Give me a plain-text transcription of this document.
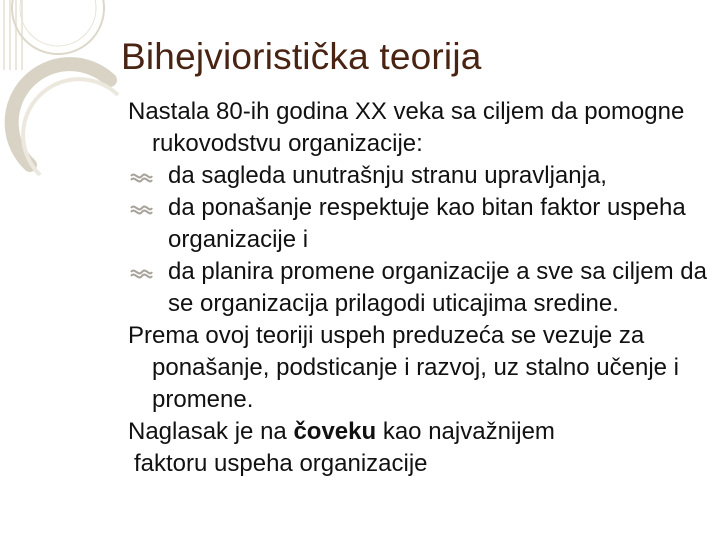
Bihejvioristička teorija
Nastala 80-ih godina XX veka sa ciljem da pomogne rukovodstvu organizacije:
da sagleda unutrašnju stranu upravljanja,
da ponašanje respektuje kao bitan faktor uspeha organizacije i
da planira promene organizacije a sve sa ciljem da se organizacija prilagodi uticajima sredine.
Prema ovoj teoriji uspeh preduzeća se vezuje za ponašanje, podsticanje i razvoj, uz stalno učenje i promene.
Naglasak je na čoveku kao najvažnijem
faktoru uspeha organizacije
